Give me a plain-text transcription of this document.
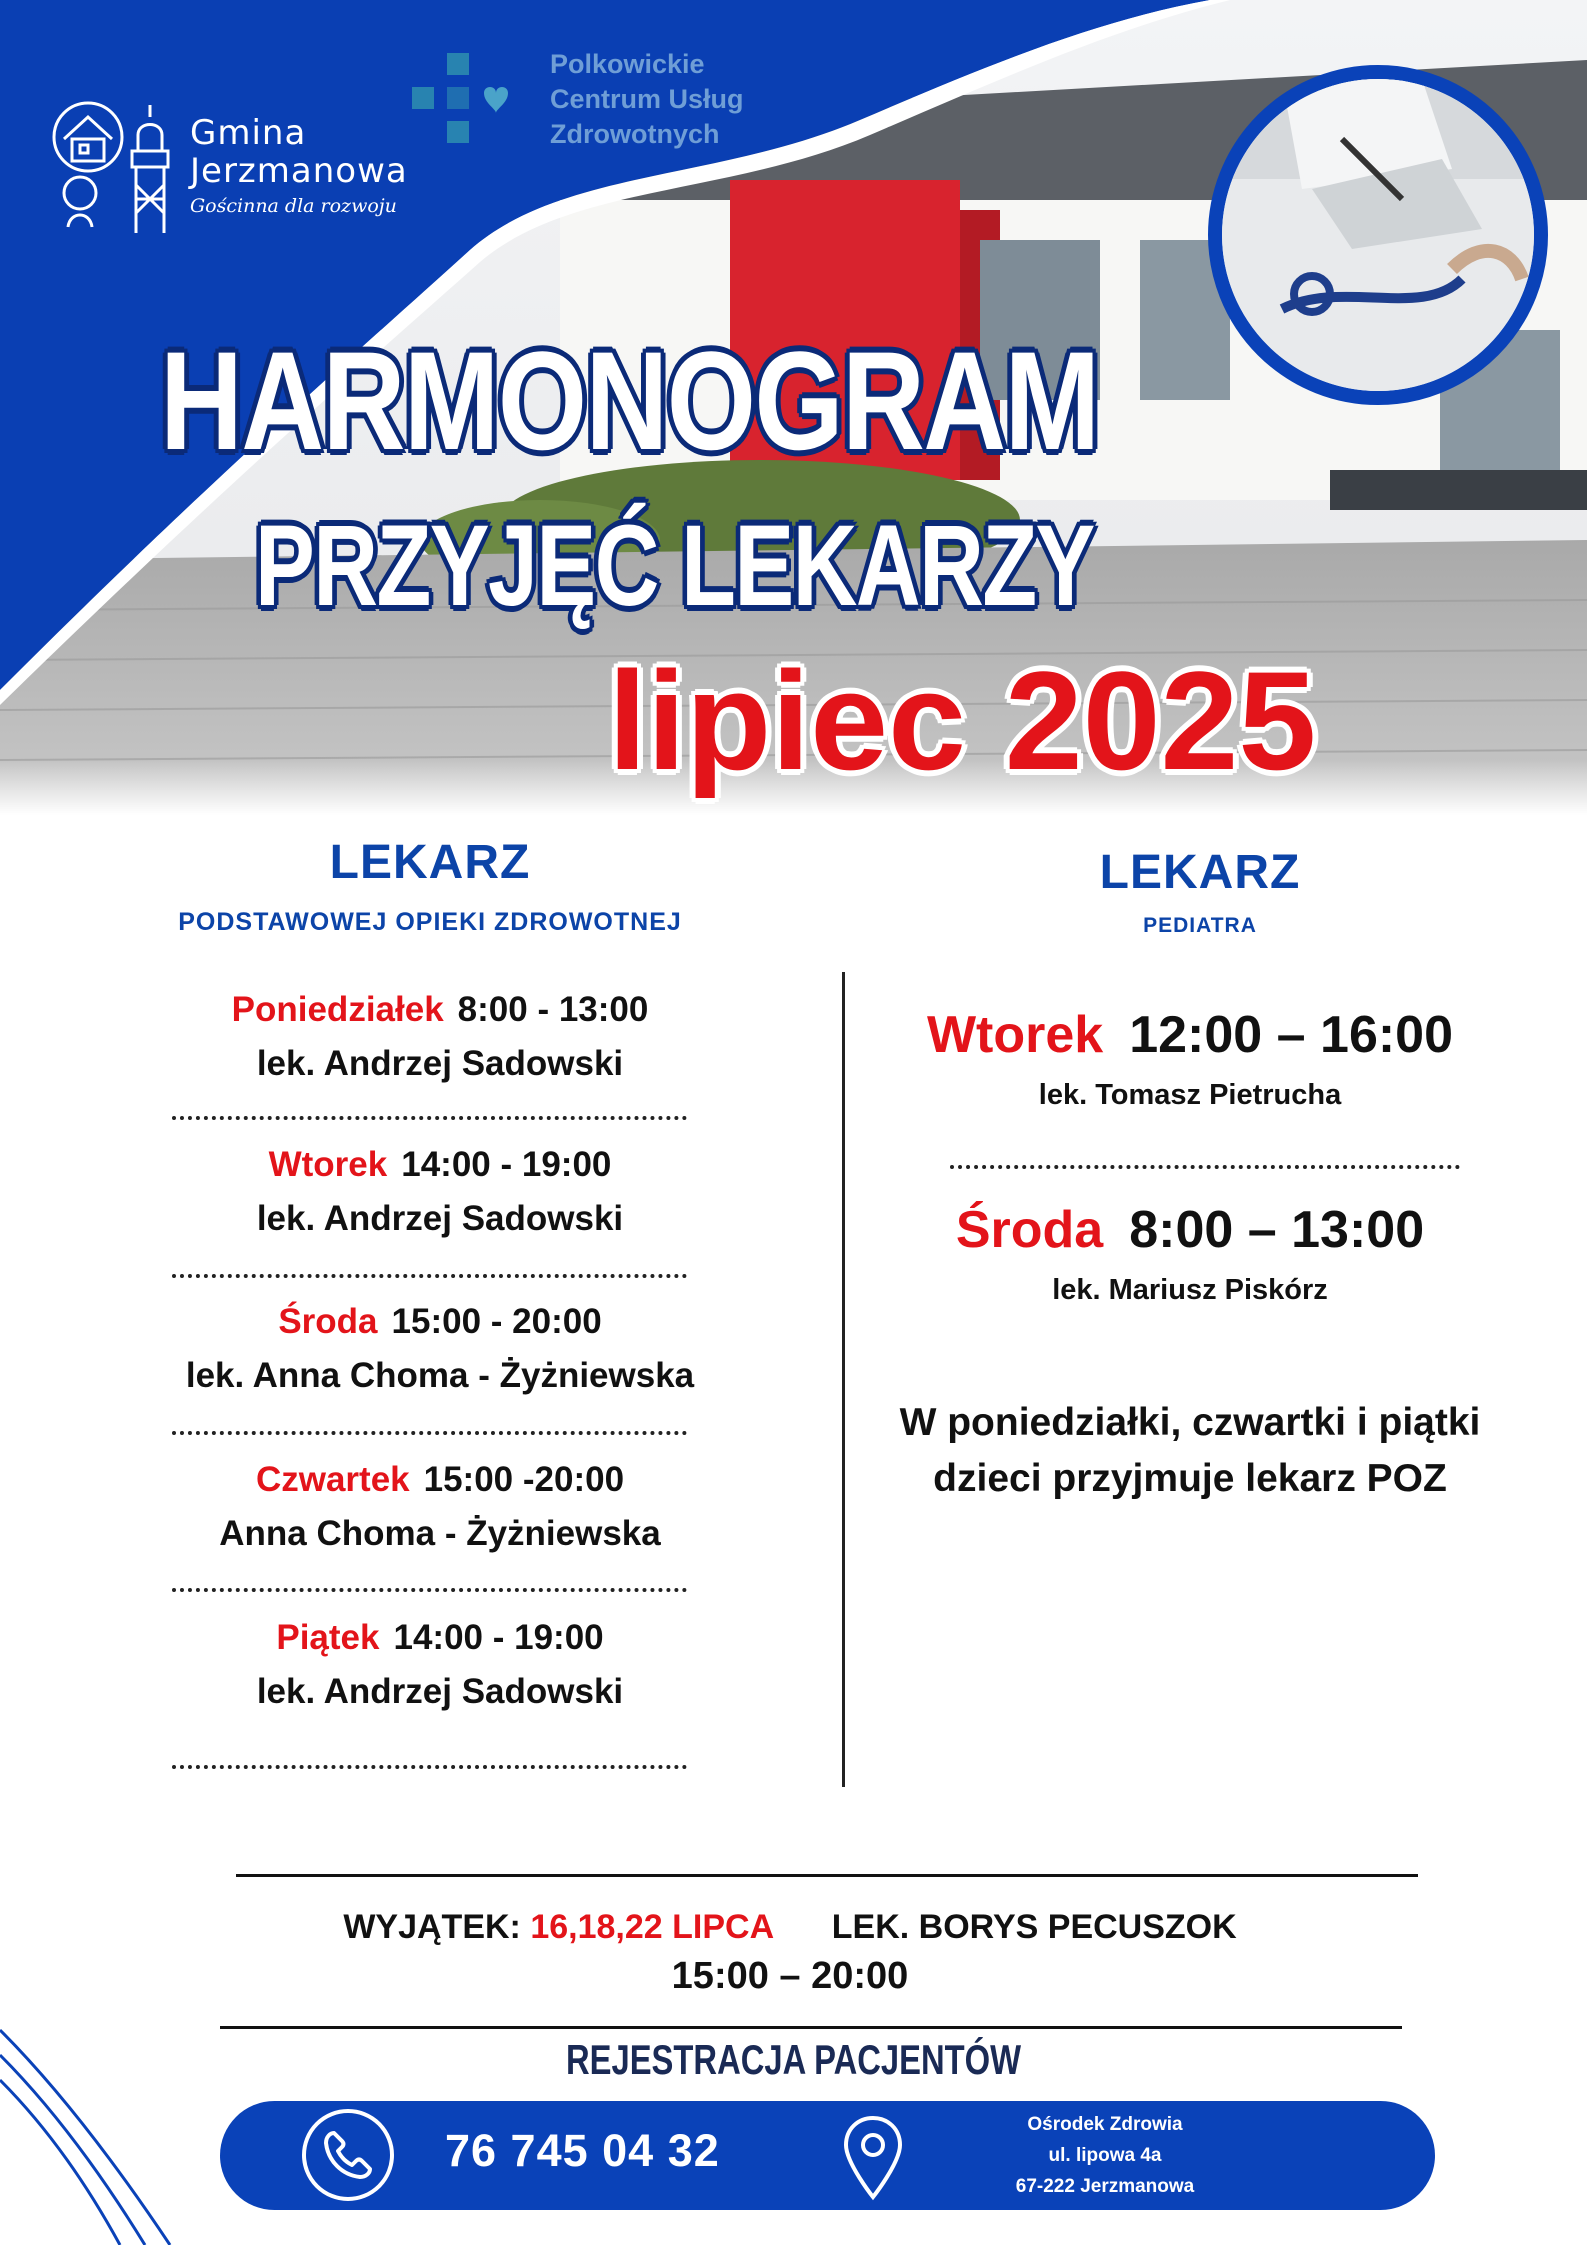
Gmina
Jerzmanowa
Gościnna dla rozwoju
Polkowickie
Centrum Usług
Zdrowotnych
HARMONOGRAM
PRZYJĘĆ LEKARZY
lipiec 2025
LEKARZ
PODSTAWOWEJ OPIEKI ZDROWOTNEJ
LEKARZ
PEDIATRA
Poniedziałek 8:00 - 13:00
lek. Andrzej Sadowski
Wtorek 14:00 - 19:00
lek. Andrzej Sadowski
Środa 15:00 - 20:00
lek. Anna Choma - Żyżniewska
Czwartek 15:00 -20:00
Anna Choma - Żyżniewska
Piątek 14:00 - 19:00
lek. Andrzej Sadowski
Wtorek 12:00 – 16:00
lek. Tomasz Pietrucha
Środa 8:00 – 13:00
lek. Mariusz Piskórz
W poniedziałki, czwartki i piątki
dzieci przyjmuje lekarz POZ
WYJĄTEK: 16,18,22 LIPCA LEK. BORYS PECUSZOK
15:00 – 20:00
REJESTRACJA PACJENTÓW
76 745 04 32
Ośrodek Zdrowia
ul. lipowa 4a
67-222 Jerzmanowa
